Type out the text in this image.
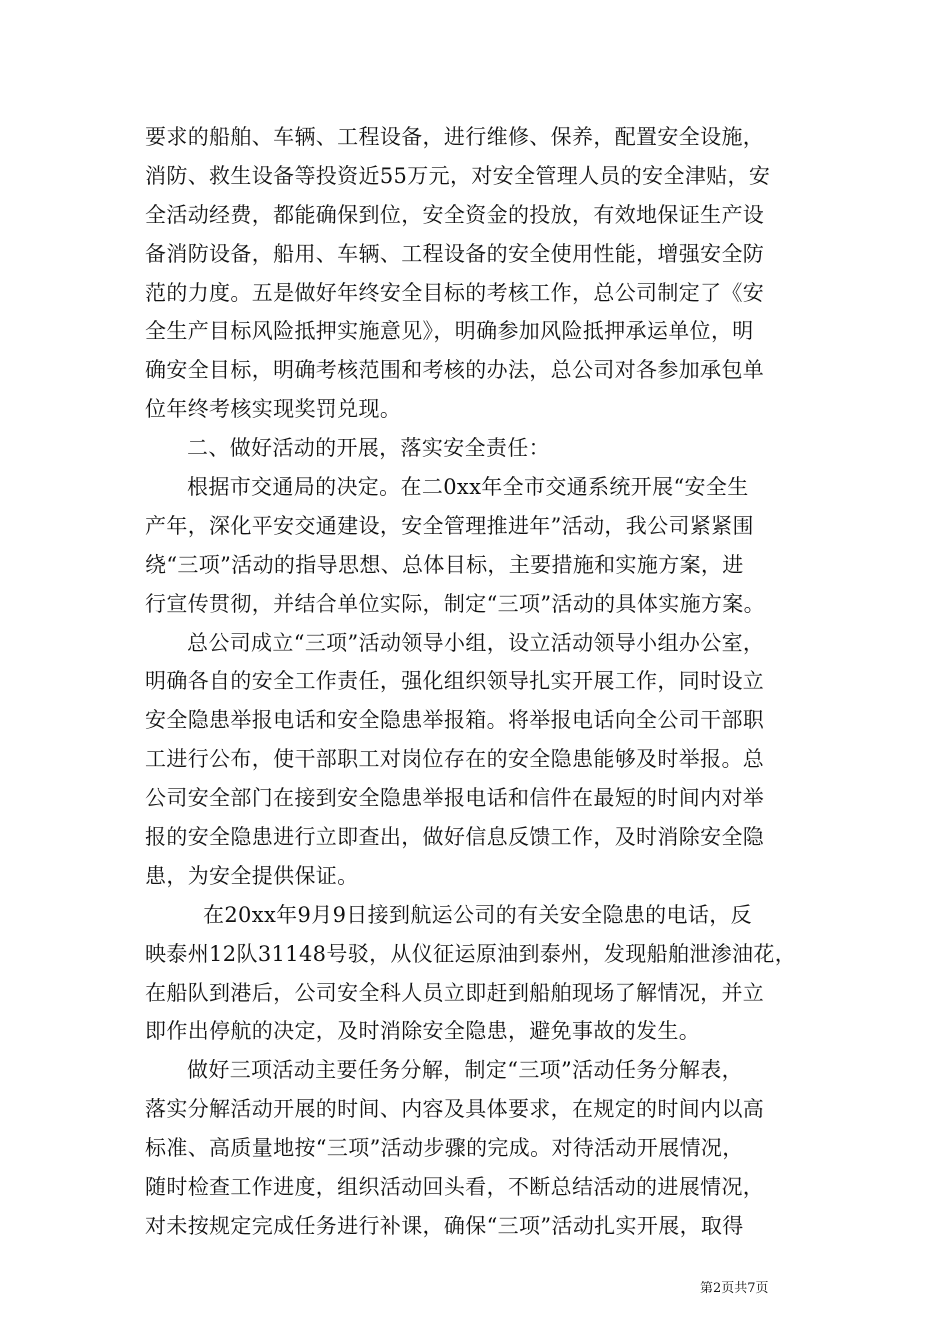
要求的船舶、车辆、工程设备，进行维修、保养，配置安全设施，
消防、救生设备等投资近55万元，对安全管理人员的安全津贴，安
全活动经费，都能确保到位，安全资金的投放，有效地保证生产设
备消防设备，船用、车辆、工程设备的安全使用性能，增强安全防
范的力度。五是做好年终安全目标的考核工作，总公司制定了《安
全生产目标风险抵押实施意见》，明确参加风险抵押承运单位，明
确安全目标，明确考核范围和考核的办法，总公司对各参加承包单
位年终考核实现奖罚兑现。
二、做好活动的开展，落实安全责任：
根据市交通局的决定。在二0xx年全市交通系统开展“安全生
产年，深化平安交通建设，安全管理推进年”活动，我公司紧紧围
绕“三项”活动的指导思想、总体目标，主要措施和实施方案，进
行宣传贯彻，并结合单位实际，制定“三项”活动的具体实施方案。
总公司成立“三项”活动领导小组，设立活动领导小组办公室，
明确各自的安全工作责任，强化组织领导扎实开展工作，同时设立
安全隐患举报电话和安全隐患举报箱。将举报电话向全公司干部职
工进行公布，使干部职工对岗位存在的安全隐患能够及时举报。总
公司安全部门在接到安全隐患举报电话和信件在最短的时间内对举
报的安全隐患进行立即查出，做好信息反馈工作，及时消除安全隐
患，为安全提供保证。
在20xx年9月9日接到航运公司的有关安全隐患的电话，反
映泰州12队31148号驳，从仪征运原油到泰州，发现船舶泄渗油花，
在船队到港后，公司安全科人员立即赶到船舶现场了解情况，并立
即作出停航的决定，及时消除安全隐患，避免事故的发生。
做好三项活动主要任务分解，制定“三项”活动任务分解表，
落实分解活动开展的时间、内容及具体要求，在规定的时间内以高
标准、高质量地按“三项”活动步骤的完成。对待活动开展情况，
随时检查工作进度，组织活动回头看，不断总结活动的进展情况，
对未按规定完成任务进行补课，确保“三项”活动扎实开展，取得
第2页共7页
